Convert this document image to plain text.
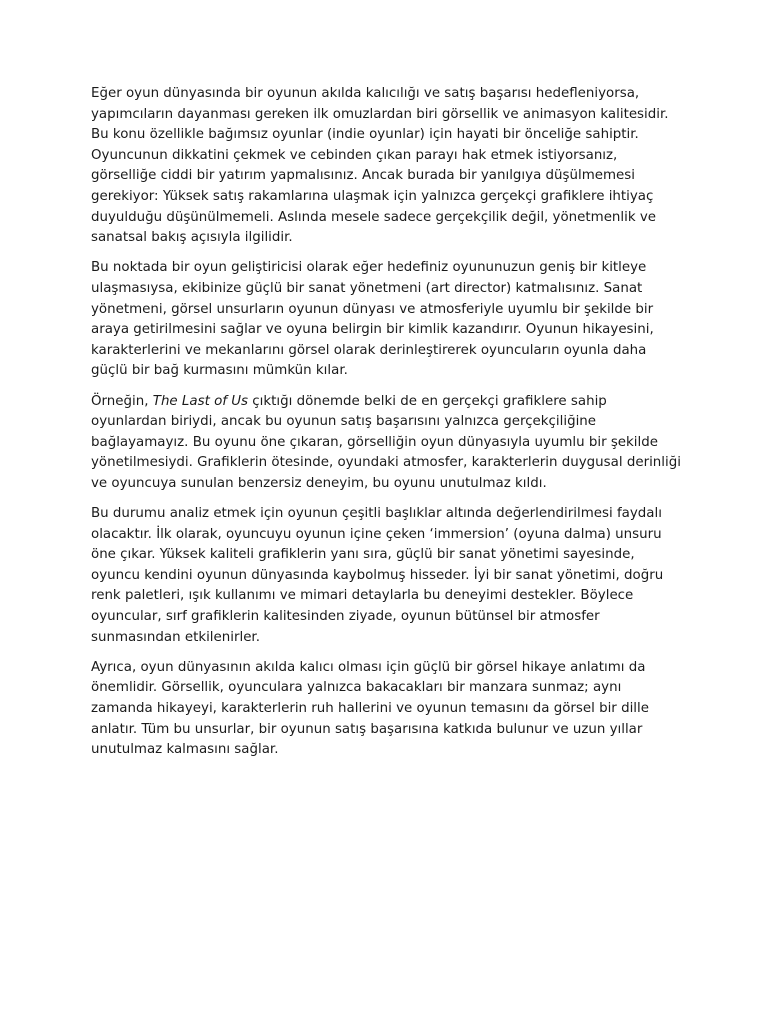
Eğer oyun dünyasında bir oyunun akılda kalıcılığı ve satış başarısı hedefleniyorsa, yapımcıların dayanması gereken ilk omuzlardan biri görsellik ve animasyon kalitesidir. Bu konu özellikle bağımsız oyunlar (indie oyunlar) için hayati bir önceliğe sahiptir. Oyuncunun dikkatini çekmek ve cebinden çıkan parayı hak etmek istiyorsanız, görselliğe ciddi bir yatırım yapmalısınız. Ancak burada bir yanılgıya düşülmemesi gerekiyor: Yüksek satış rakamlarına ulaşmak için yalnızca gerçekçi grafiklere ihtiyaç duyulduğu düşünülmemeli. Aslında mesele sadece gerçekçilik değil, yönetmenlik ve sanatsal bakış açısıyla ilgilidir.

Bu noktada bir oyun geliştiricisi olarak eğer hedefiniz oyununuzun geniş bir kitleye ulaşmasıysa, ekibinize güçlü bir sanat yönetmeni (art director) katmalısınız. Sanat yönetmeni, görsel unsurların oyunun dünyası ve atmosferiyle uyumlu bir şekilde bir araya getirilmesini sağlar ve oyuna belirgin bir kimlik kazandırır. Oyunun hikayesini, karakterlerini ve mekanlarını görsel olarak derinleştirerek oyuncuların oyunla daha güçlü bir bağ kurmasını mümkün kılar.

Örneğin, The Last of Us çıktığı dönemde belki de en gerçekçi grafiklere sahip oyunlardan biriydi, ancak bu oyunun satış başarısını yalnızca gerçekçiliğine bağlayamayız. Bu oyunu öne çıkaran, görselliğin oyun dünyasıyla uyumlu bir şekilde yönetilmesiydi. Grafiklerin ötesinde, oyundaki atmosfer, karakterlerin duygusal derinliği ve oyuncuya sunulan benzersiz deneyim, bu oyunu unutulmaz kıldı.

Bu durumu analiz etmek için oyunun çeşitli başlıklar altında değerlendirilmesi faydalı olacaktır. İlk olarak, oyuncuyu oyunun içine çeken ‘immersion’ (oyuna dalma) unsuru öne çıkar. Yüksek kaliteli grafiklerin yanı sıra, güçlü bir sanat yönetimi sayesinde, oyuncu kendini oyunun dünyasında kaybolmuş hisseder. İyi bir sanat yönetimi, doğru renk paletleri, ışık kullanımı ve mimari detaylarla bu deneyimi destekler. Böylece oyuncular, sırf grafiklerin kalitesinden ziyade, oyunun bütünsel bir atmosfer sunmasından etkilenirler.

Ayrıca, oyun dünyasının akılda kalıcı olması için güçlü bir görsel hikaye anlatımı da önemlidir. Görsellik, oyunculara yalnızca bakacakları bir manzara sunmaz; aynı zamanda hikayeyi, karakterlerin ruh hallerini ve oyunun temasını da görsel bir dille anlatır. Tüm bu unsurlar, bir oyunun satış başarısına katkıda bulunur ve uzun yıllar unutulmaz kalmasını sağlar.
